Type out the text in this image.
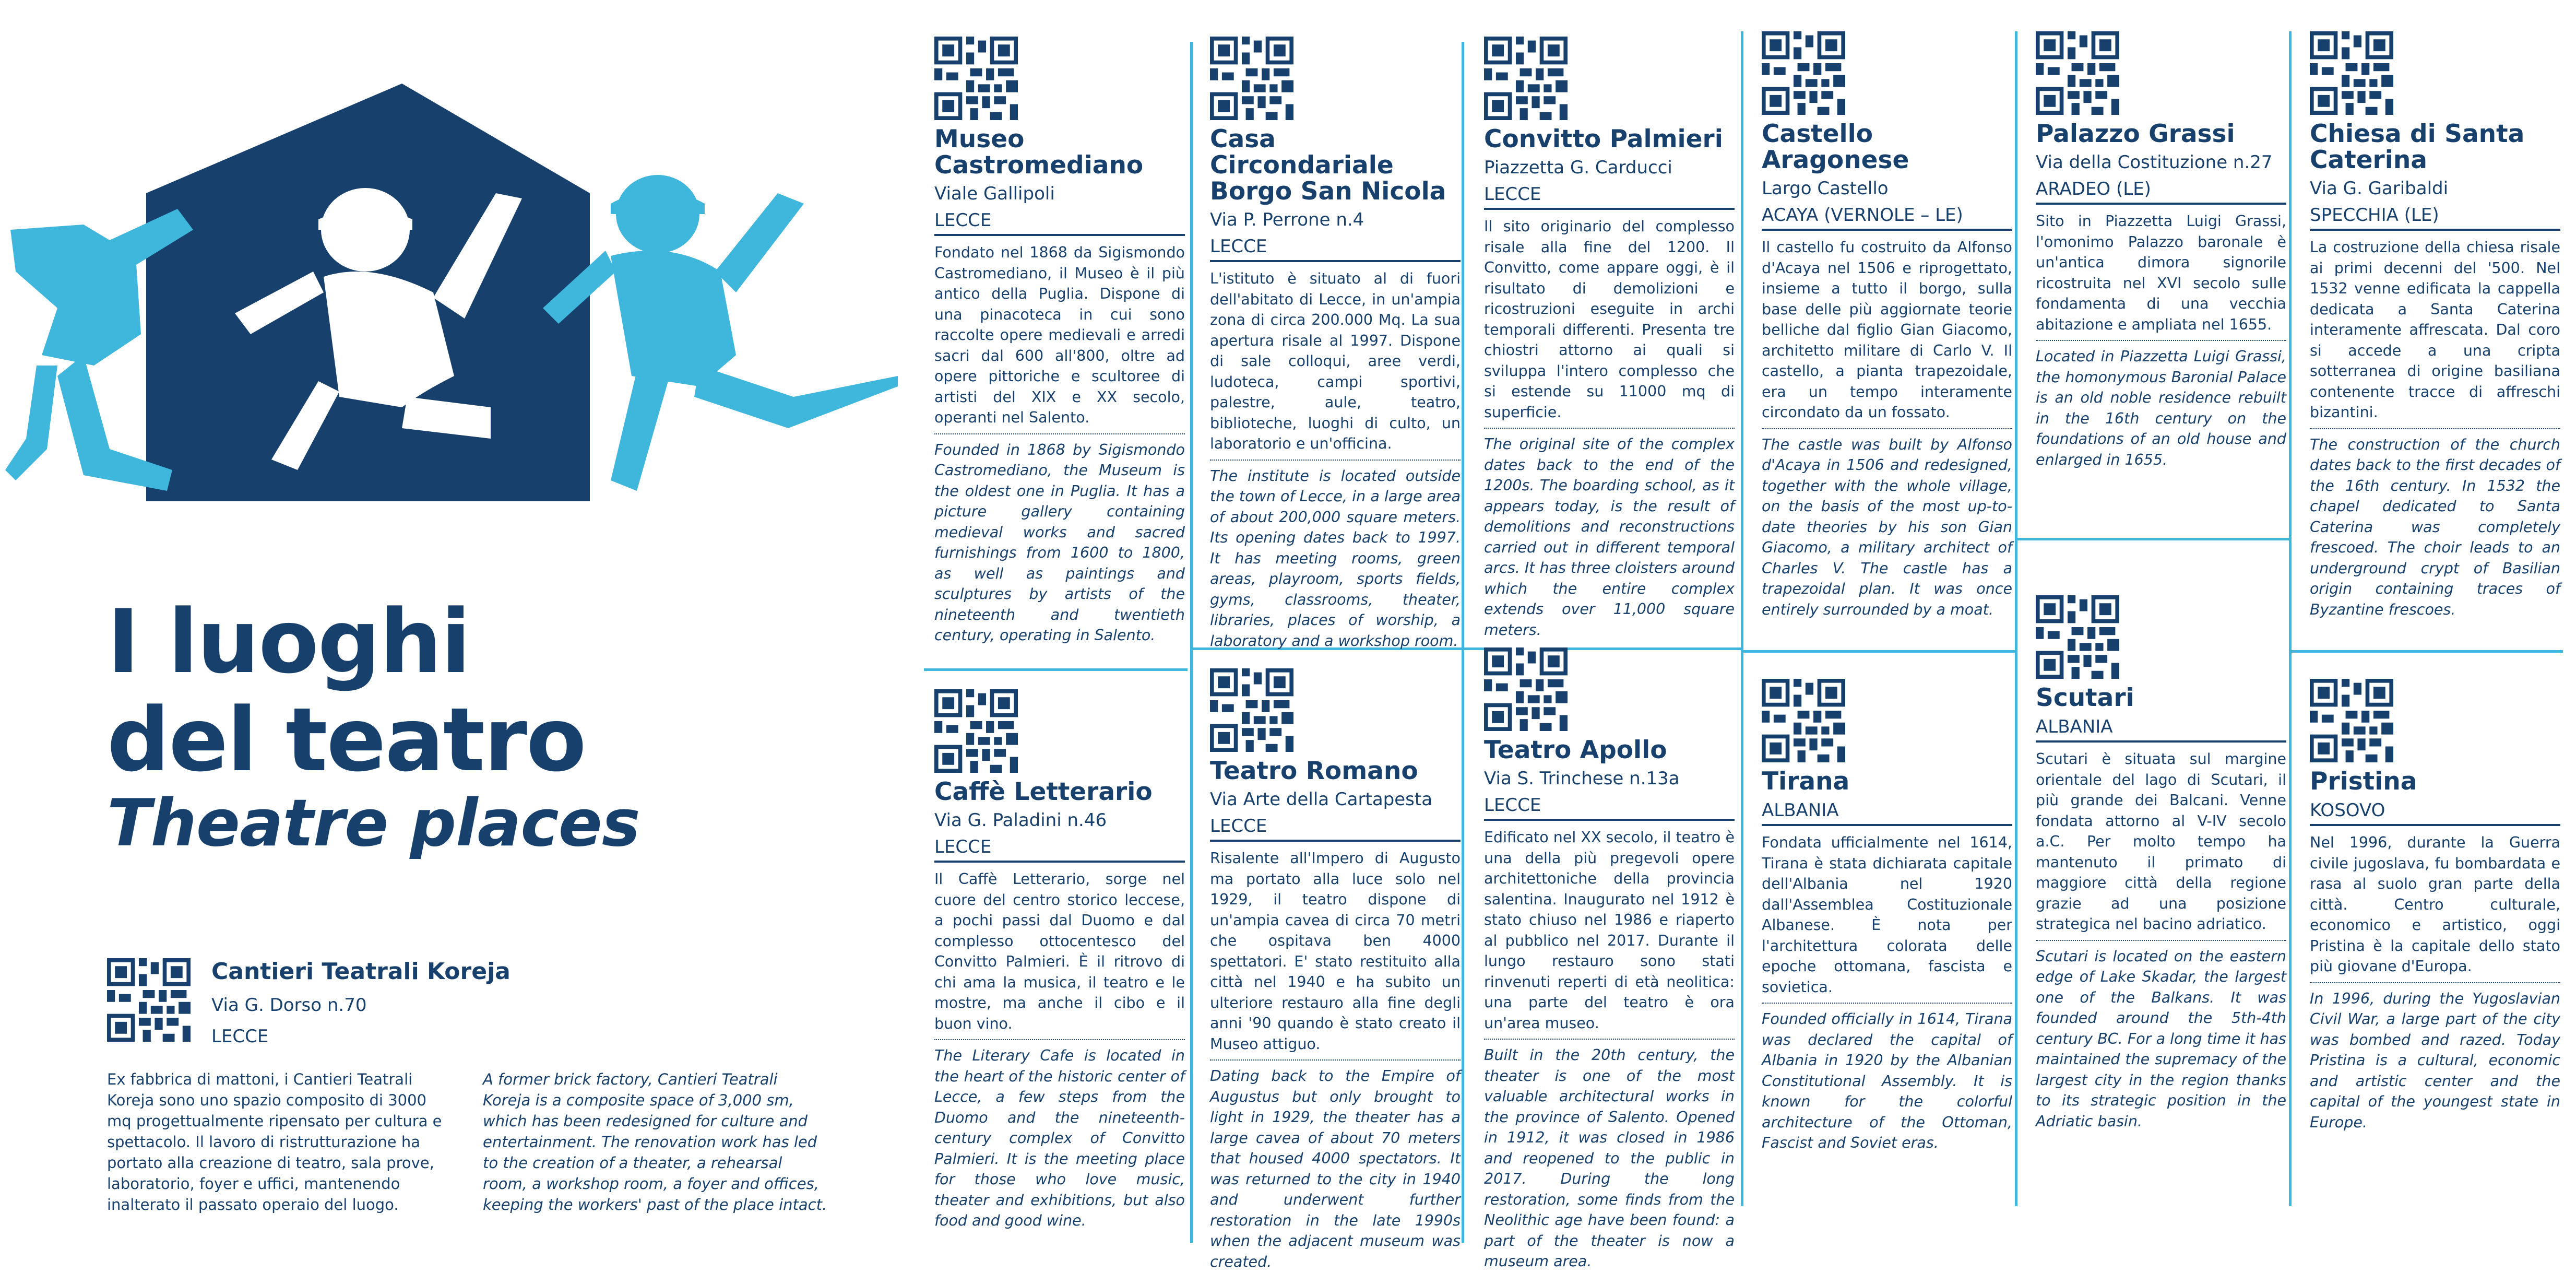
I luoghi
del teatro
Theatre places
Cantieri Teatrali Koreja
Via G. Dorso n.70
LECCE
Ex fabbrica di mattoni, i Cantieri Teatrali Koreja sono uno spazio composito di 3000 mq progettualmente ripensato per cultura e spettacolo. Il lavoro di ristrutturazione ha portato alla creazione di teatro, sala prove, laboratorio, foyer e uffici, mantenendo inalterato il passato operaio del luogo.
A former brick factory, Cantieri Teatrali Koreja is a composite space of 3,000 sm, which has been redesigned for culture and entertainment. The renovation work has led to the creation of a theater, a rehearsal room, a workshop room, a foyer and offices, keeping the workers' past of the place intact.
Museo Castromediano
Viale Gallipoli
LECCE
Fondato nel 1868 da Sigismondo Castromediano, il Museo è il più antico della Puglia. Dispone di una pinacoteca in cui sono raccolte opere medievali e arredi sacri dal 600 all'800, oltre ad opere pittoriche e scultoree di artisti del XIX e XX secolo, operanti nel Salento.
Founded in 1868 by Sigismondo Castromediano, the Museum is the oldest one in Puglia. It has a picture gallery containing medieval works and sacred furnishings from 1600 to 1800, as well as paintings and sculptures by artists of the nineteenth and twentieth century, operating in Salento.
Caffè Letterario
Via G. Paladini n.46
LECCE
Il Caffè Letterario, sorge nel cuore del centro storico leccese, a pochi passi dal Duomo e dal complesso ottocentesco del Convitto Palmieri. È il ritrovo di chi ama la musica, il teatro e le mostre, ma anche il cibo e il buon vino.
The Literary Cafe is located in the heart of the historic center of Lecce, a few steps from the Duomo and the nineteenth-century complex of Convitto Palmieri. It is the meeting place for those who love music, theater and exhibitions, but also food and good wine.
Casa Circondariale Borgo San Nicola
Via P. Perrone n.4
LECCE
L'istituto è situato al di fuori dell'abitato di Lecce, in un'ampia zona di circa 200.000 Mq. La sua apertura risale al 1997. Dispone di sale colloqui, aree verdi, ludoteca, campi sportivi, palestre, aule, teatro, biblioteche, luoghi di culto, un laboratorio e un'officina.
The institute is located outside the town of Lecce, in a large area of about 200,000 square meters. Its opening dates back to 1997. It has meeting rooms, green areas, playroom, sports fields, gyms, classrooms, theater, libraries, places of worship, a laboratory and a workshop room.
Teatro Romano
Via Arte della Cartapesta
LECCE
Risalente all'Impero di Augusto ma portato alla luce solo nel 1929, il teatro dispone di un'ampia cavea di circa 70 metri che ospitava ben 4000 spettatori. E' stato restituito alla città nel 1940 e ha subito un ulteriore restauro alla fine degli anni '90 quando è stato creato il Museo attiguo.
Dating back to the Empire of Augustus but only brought to light in 1929, the theater has a large cavea of about 70 meters that housed 4000 spectators. It was returned to the city in 1940 and underwent further restoration in the late 1990s when the adjacent museum was created.
Convitto Palmieri
Piazzetta G. Carducci
LECCE
Il sito originario del complesso risale alla fine del 1200. Il Convitto, come appare oggi, è il risultato di demolizioni e ricostruzioni eseguite in archi temporali differenti. Presenta tre chiostri attorno ai quali si sviluppa l'intero complesso che si estende su 11000 mq di superficie.
The original site of the complex dates back to the end of the 1200s. The boarding school, as it appears today, is the result of demolitions and reconstructions carried out in different temporal arcs. It has three cloisters around which the entire complex extends over 11,000 square meters.
Teatro Apollo
Via S. Trinchese n.13a
LECCE
Edificato nel XX secolo, il teatro è una della più pregevoli opere architettoniche della provincia salentina. Inaugurato nel 1912 è stato chiuso nel 1986 e riaperto al pubblico nel 2017. Durante il lungo restauro sono stati rinvenuti reperti di età neolitica: una parte del teatro è ora un'area museo.
Built in the 20th century, the theater is one of the most valuable architectural works in the province of Salento. Opened in 1912, it was closed in 1986 and reopened to the public in 2017. During the long restoration, some finds from the Neolithic age have been found: a part of the theater is now a museum area.
Castello Aragonese
Largo Castello
ACAYA (VERNOLE – LE)
Il castello fu costruito da Alfonso d'Acaya nel 1506 e riprogettato, insieme a tutto il borgo, sulla base delle più aggiornate teorie belliche dal figlio Gian Giacomo, architetto militare di Carlo V. Il castello, a pianta trapezoidale, era un tempo interamente circondato da un fossato.
The castle was built by Alfonso d'Acaya in 1506 and redesigned, together with the whole village, on the basis of the most up-to-date theories by his son Gian Giacomo, a military architect of Charles V. The castle has a trapezoidal plan. It was once entirely surrounded by a moat.
Tirana
ALBANIA
Fondata ufficialmente nel 1614, Tirana è stata dichiarata capitale dell'Albania nel 1920 dall'Assemblea Costituzionale Albanese. È nota per l'architettura colorata delle epoche ottomana, fascista e sovietica.
Founded officially in 1614, Tirana was declared the capital of Albania in 1920 by the Albanian Constitutional Assembly. It is known for the colorful architecture of the Ottoman, Fascist and Soviet eras.
Palazzo Grassi
Via della Costituzione n.27
ARADEO (LE)
Sito in Piazzetta Luigi Grassi, l'omonimo Palazzo baronale è un'antica dimora signorile ricostruita nel XVI secolo sulle fondamenta di una vecchia abitazione e ampliata nel 1655.
Located in Piazzetta Luigi Grassi, the homonymous Baronial Palace is an old noble residence rebuilt in the 16th century on the foundations of an old house and enlarged in 1655.
Scutari
ALBANIA
Scutari è situata sul margine orientale del lago di Scutari, il più grande dei Balcani. Venne fondata attorno al V-IV secolo a.C. Per molto tempo ha mantenuto il primato di maggiore città della regione grazie ad una posizione strategica nel bacino adriatico.
Scutari is located on the eastern edge of Lake Skadar, the largest one of the Balkans. It was founded around the 5th-4th century BC. For a long time it has maintained the supremacy of the largest city in the region thanks to its strategic position in the Adriatic basin.
Chiesa di Santa Caterina
Via G. Garibaldi
SPECCHIA (LE)
La costruzione della chiesa risale ai primi decenni del '500. Nel 1532 venne edificata la cappella dedicata a Santa Caterina interamente affrescata. Dal coro si accede a una cripta sotterranea di origine basiliana contenente tracce di affreschi bizantini.
The construction of the church dates back to the first decades of the 16th century. In 1532 the chapel dedicated to Santa Caterina was completely frescoed. The choir leads to an underground crypt of Basilian origin containing traces of Byzantine frescoes.
Pristina
KOSOVO
Nel 1996, durante la Guerra civile jugoslava, fu bombardata e rasa al suolo gran parte della città. Centro culturale, economico e artistico, oggi Pristina è la capitale dello stato più giovane d'Europa.
In 1996, during the Yugoslavian Civil War, a large part of the city was bombed and razed. Today Pristina is a cultural, economic and artistic center and the capital of the youngest state in Europe.
